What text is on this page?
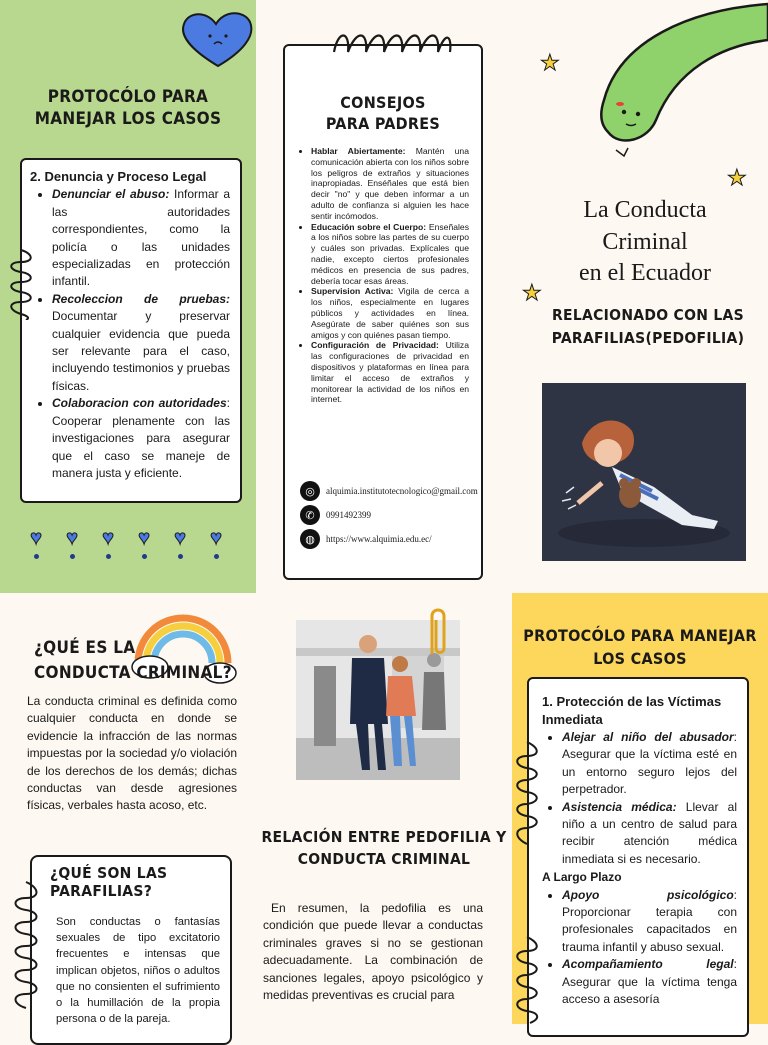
PROTOCÓLO PARA
MANEJAR LOS CASOS
2. Denuncia y Proceso Legal
• Denunciar el abuso: Informar a las autoridades correspondientes, como la policía o las unidades especializadas en protección infantil.
• Recoleccion de pruebas: Documentar y preservar cualquier evidencia que pueda ser relevante para el caso, incluyendo testimonios y pruebas físicas.
• Colaboracion con autoridades: Cooperar plenamente con las investigaciones para asegurar que el caso se maneje de manera justa y eficiente.
♥	♥	♥	♥	♥	♥
CONSEJOS
PARA PADRES
• Hablar Abiertamente: Mantén una comunicación abierta con los niños sobre los peligros de extraños y situaciones inapropiadas. Enséñales que está bien decir "no" y que deben informar a un adulto de confianza si alguien les hace sentir incómodos.
• Educación sobre el Cuerpo: Enseñales a los niños sobre las partes de su cuerpo y cuáles son privadas. Explícales que nadie, excepto ciertos profesionales médicos en presencia de sus padres, debería tocar esas áreas.
• Supervision Activa: Vigila de cerca a los niños, especialmente en lugares públicos y actividades en línea. Asegúrate de saber quiénes son sus amigos y con quiénes pasan tiempo.
• Configuración de Privacidad: Utiliza las configuraciones de privacidad en dispositivos y plataformas en línea para limitar el acceso de extraños y monitorear la actividad de los niños en internet.
◎	alquimia.institutotecnologico@gmail.com
✆	0991492399
◍	https://www.alquimia.edu.ec/
★
★
★
La Conducta
Criminal
en el Ecuador
RELACIONADO CON LAS
PARAFILIAS(PEDOFILIA)
¿QUÉ ES LA
CONDUCTA CRIMINAL?
La conducta criminal es definida como cualquier conducta en donde se evidencie la infracción de las normas impuestas por la sociedad y/o violación de los derechos de los demás; dichas conductas van desde agresiones físicas, verbales hasta acoso, etc.
¿QUÉ SON LAS PARAFILIAS?
Son conductas o fantasías sexuales de tipo excitatorio frecuentes e intensas que implican objetos, niños o adultos que no consienten el sufrimiento o la humillación de la propia persona o de la pareja.
RELACIÓN ENTRE PEDOFILIA Y
CONDUCTA CRIMINAL
En resumen, la pedofilia es una condición que puede llevar a conductas criminales graves si no se gestionan adecuadamente. La combinación de sanciones legales, apoyo psicológico y medidas preventivas es crucial para
PROTOCÓLO PARA MANEJAR
LOS CASOS
1. Protección de las Víctimas Inmediata
• Alejar al niño del abusador: Asegurar que la víctima esté en un entorno seguro lejos del perpetrador.
• Asistencia médica: Llevar al niño a un centro de salud para recibir atención médica inmediata si es necesario.
A Largo Plazo
• Apoyo psicológico: Proporcionar terapia con profesionales capacitados en trauma infantil y abuso sexual.
• Acompañamiento legal: Asegurar que la víctima tenga acceso a asesoría
